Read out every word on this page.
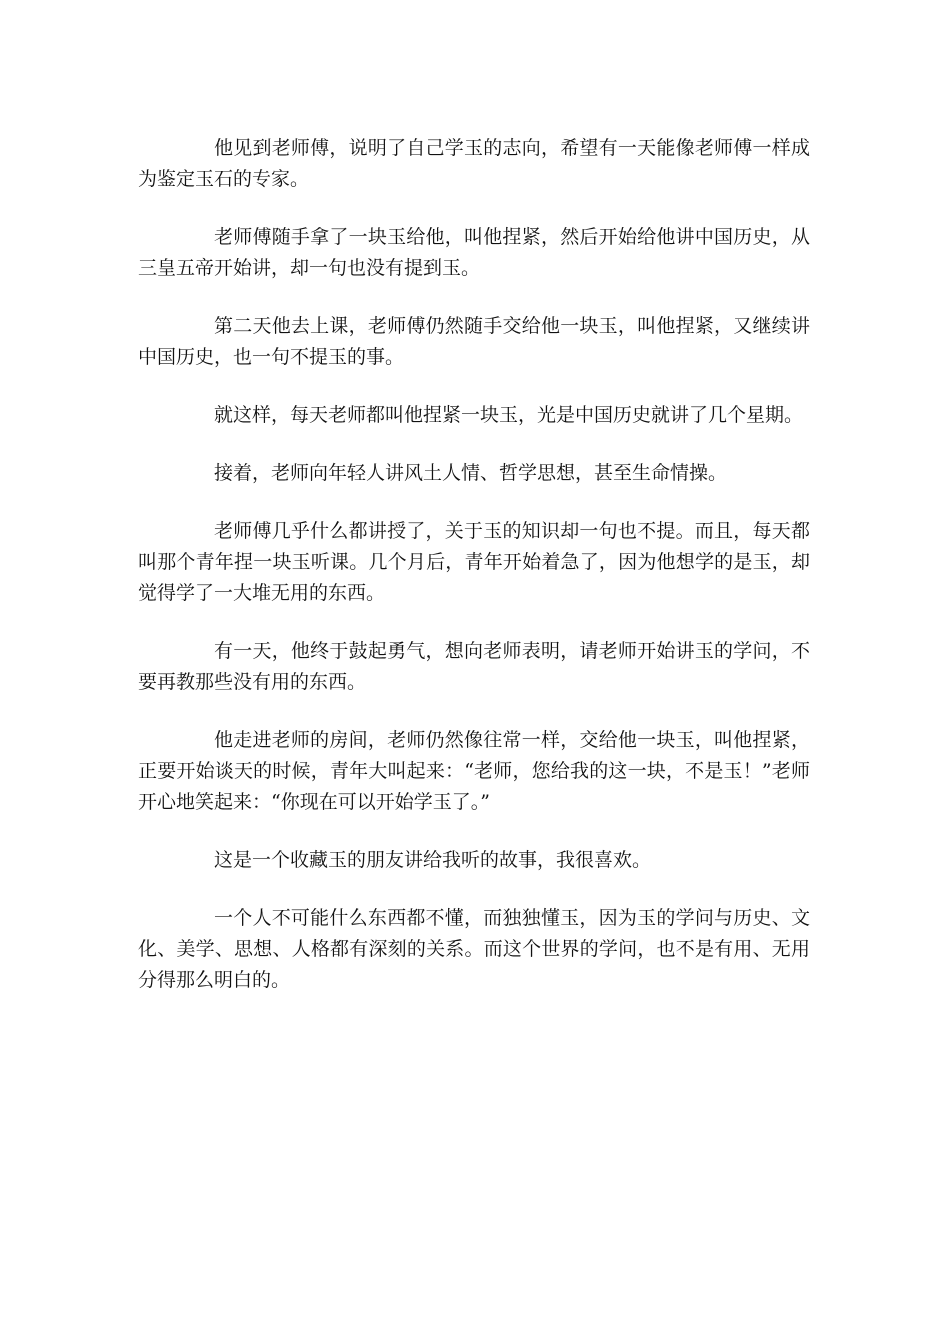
他见到老师傅，说明了自己学玉的志向，希望有一天能像老师傅一样成为鉴定玉石的专家。

老师傅随手拿了一块玉给他，叫他捏紧，然后开始给他讲中国历史，从三皇五帝开始讲，却一句也没有提到玉。

第二天他去上课，老师傅仍然随手交给他一块玉，叫他捏紧，又继续讲中国历史，也一句不提玉的事。

就这样，每天老师都叫他捏紧一块玉，光是中国历史就讲了几个星期。

接着，老师向年轻人讲风土人情、哲学思想，甚至生命情操。

老师傅几乎什么都讲授了，关于玉的知识却一句也不提。而且，每天都叫那个青年捏一块玉听课。几个月后，青年开始着急了，因为他想学的是玉，却觉得学了一大堆无用的东西。

有一天，他终于鼓起勇气，想向老师表明，请老师开始讲玉的学问，不要再教那些没有用的东西。

他走进老师的房间，老师仍然像往常一样，交给他一块玉，叫他捏紧，正要开始谈天的时候，青年大叫起来：“老师，您给我的这一块，不是玉！”老师开心地笑起来：“你现在可以开始学玉了。”

这是一个收藏玉的朋友讲给我听的故事，我很喜欢。

一个人不可能什么东西都不懂，而独独懂玉，因为玉的学问与历史、文化、美学、思想、人格都有深刻的关系。而这个世界的学问，也不是有用、无用分得那么明白的。
